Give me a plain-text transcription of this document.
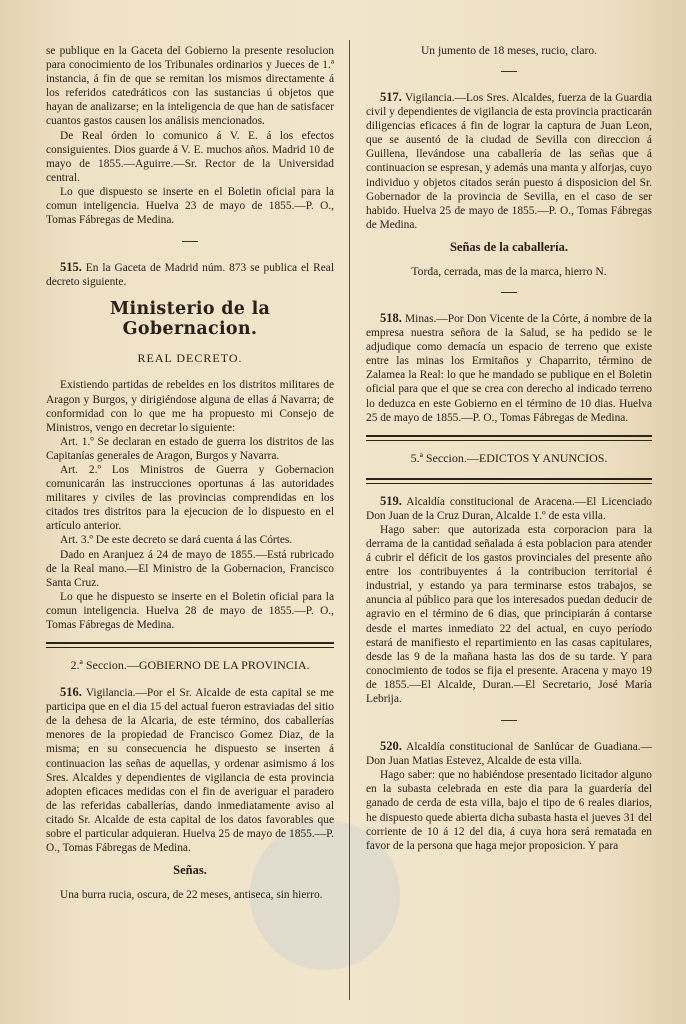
se publique en la Gaceta del Gobierno la presente resolucion para conocimiento de los Tribunales ordinarios y Jueces de 1.ª instancia, á fin de que se remitan los mismos directamente á los referidos catedráticos con las sustancias ú objetos que hayan de analizarse; en la inteligencia de que han de satisfacer cuantos gastos causen los análisis mencionados.

De Real órden lo comunico á V. E. á los efectos consiguientes. Dios guarde á V. E. muchos años. Madrid 10 de mayo de 1855.—Aguirre.—Sr. Rector de la Universidad central.

Lo que dispuesto se inserte en el Boletin oficial para la comun inteligencia. Huelva 23 de mayo de 1855.—P. O., Tomas Fábregas de Medina.

515. En la Gaceta de Madrid núm. 873 se publica el Real decreto siguiente.

Ministerio de la Gobernacion.
REAL DECRETO.

Existiendo partidas de rebeldes en los distritos militares de Aragon y Burgos, y dirigiéndose alguna de ellas á Navarra; de conformidad con lo que me ha propuesto mi Consejo de Ministros, vengo en decretar lo siguiente:

Art. 1.º Se declaran en estado de guerra los distritos de las Capitanías generales de Aragon, Burgos y Navarra.

Art. 2.º Los Ministros de Guerra y Gobernacion comunicarán las instrucciones oportunas á las autoridades militares y civiles de las provincias comprendidas en los citados tres distritos para la ejecucion de lo dispuesto en el artículo anterior.

Art. 3.º De este decreto se dará cuenta á las Córtes.

Dado en Aranjuez á 24 de mayo de 1855.—Está rubricado de la Real mano.—El Ministro de la Gobernacion, Francisco Santa Cruz.

Lo que he dispuesto se inserte en el Boletin oficial para la comun inteligencia. Huelva 28 de mayo de 1855.—P. O., Tomas Fábregas de Medina.

2.ª Seccion.—GOBIERNO DE LA PROVINCIA.

516. Vigilancia.—Por el Sr. Alcalde de esta capital se me participa que en el dia 15 del actual fueron estraviadas del sitio de la dehesa de la Alcaria, de este término, dos caballerías menores de la propiedad de Francisco Gomez Diaz, de la misma; en su consecuencia he dispuesto se inserten á continuacion las señas de aquellas, y ordenar asimismo á los Sres. Alcaldes y dependientes de vigilancia de esta provincia adopten eficaces medidas con el fin de averiguar el paradero de las referidas caballerías, dando inmediatamente aviso al citado Sr. Alcalde de esta capital de los datos favorables que sobre el particular adquieran. Huelva 25 de mayo de 1855.—P. O., Tomas Fábregas de Medina.

Señas.

Una burra rucia, oscura, de 22 meses, antiseca, sin hierro.

Un jumento de 18 meses, rucio, claro.

517. Vigilancia.—Los Sres. Alcaldes, fuerza de la Guardia civil y dependientes de vigilancia de esta provincia practicarán diligencias eficaces á fin de lograr la captura de Juan Leon, que se ausentó de la ciudad de Sevilla con direccion á Guillena, llevándose una caballería de las señas que á continuacion se espresan, y además una manta y alforjas, cuyo individuo y objetos citados serán puesto á disposicion del Sr. Gobernador de la provincia de Sevilla, en el caso de ser habido. Huelva 25 de mayo de 1855.—P. O., Tomas Fábregas de Medina.

Señas de la caballería.
Torda, cerrada, mas de la marca, hierro N.

518. Minas.—Por Don Vicente de la Córte, á nombre de la empresa nuestra señora de la Salud, se ha pedido se le adjudique como demacía un espacio de terreno que existe entre las minas los Ermitaños y Chaparrito, término de Zalamea la Real: lo que he mandado se publique en el Boletin oficial para que el que se crea con derecho al indicado terreno lo deduzca en este Gobierno en el término de 10 dias. Huelva 25 de mayo de 1855.—P. O., Tomas Fábregas de Medina.

5.ª Seccion.—EDICTOS Y ANUNCIOS.

519. Alcaldía constitucional de Aracena.—El Licenciado Don Juan de la Cruz Duran, Alcalde 1.º de esta villa.

Hago saber: que autorizada esta corporacion para la derrama de la cantidad señalada á esta poblacion para atender á cubrir el déficit de los gastos provinciales del presente año entre los contribuyentes á la contribucion territorial é industrial, y estando ya para terminarse estos trabajos, se anuncia al público para que los interesados puedan deducir de agravio en el término de 6 dias, que principiarán á contarse desde el martes inmediato 22 del actual, en cuyo período estará de manifiesto el repartimiento en las casas capitulares, desde las 9 de la mañana hasta las dos de su tarde. Y para conocimiento de todos se fija el presente. Aracena y mayo 19 de 1855.—El Alcalde, Duran.—El Secretario, José María Lebrija.

520. Alcaldía constitucional de Sanlúcar de Guadiana.—Don Juan Matias Estevez, Alcalde de esta villa.

Hago saber: que no habiéndose presentado licitador alguno en la subasta celebrada en este dia para la guardería del ganado de cerda de esta villa, bajo el tipo de 6 reales diarios, he dispuesto quede abierta dicha subasta hasta el jueves 31 del corriente de 10 á 12 del dia, á cuya hora será rematada en favor de la persona que haga mejor proposicion. Y para
